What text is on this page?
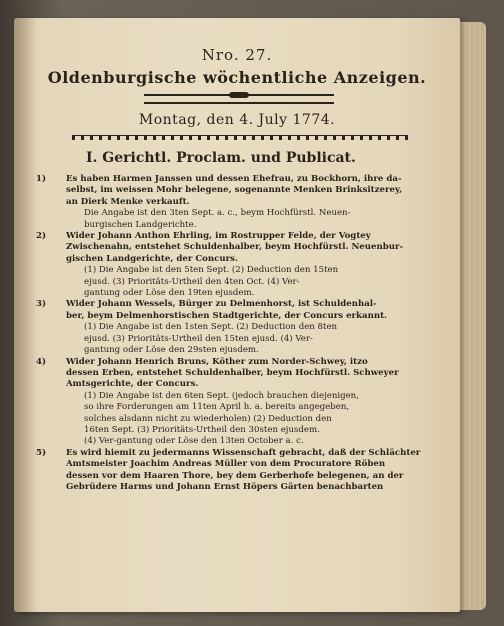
Nro. 27.
Oldenburgische wöchentliche Anzeigen.
Montag, den 4. July 1774.
I. Gerichtl. Proclam. und Publicat.
1) Es haben Harmen Janssen und dessen Ehefrau, zu Bockhorn, ihre da-
selbst, im weissen Mohr belegene, sogenannte Menken Brinksitzerey,
an Dierk Menke verkauft.
Die Angabe ist den 3ten Sept. a. c., beym Hochfürstl. Neuen-
burgischen Landgerichte.
2) Wider Johann Anthon Ehrling, im Rostrupper Felde, der Vogtey
Zwischenahn, entstehet Schuldenhalber, beym Hochfürstl. Neuenbur-
gischen Landgerichte, der Concurs.
(1) Die Angabe ist den 5ten Sept. (2) Deduction den 15ten
ejusd. (3) Prioritäts-Urtheil den 4ten Oct. (4) Ver-
gantung oder Löse den 19ten ejusdem.
3) Wider Johann Wessels, Bürger zu Delmenhorst, ist Schuldenhal-
ber, beym Delmenhorstischen Stadtgerichte, der Concurs erkannt.
(1) Die Angabe ist den 1sten Sept. (2) Deduction den 8ten
ejusd. (3) Prioritäts-Urtheil den 15ten ejusd. (4) Ver-
gantung oder Löse den 29sten ejusdem.
4) Wider Johann Henrich Bruns, Köther zum Norder-Schwey, itzo
dessen Erben, entstehet Schuldenhalber, beym Hochfürstl. Schweyer
Amtsgerichte, der Concurs.
(1) Die Angabe ist den 6ten Sept. (jedoch brauchen diejenigen,
so ihre Forderungen am 11ten April h. a. bereits angegeben,
solches alsdann nicht zu wiederholen) (2) Deduction den
16ten Sept. (3) Prioritäts-Urtheil den 30sten ejusdem.
(4) Ver-gantung oder Löse den 13ten October a. c.
5) Es wird hiemit zu jedermanns Wissenschaft gebracht, daß der Schlächter
Amtsmeister Joachim Andreas Müller von dem Procuratore Röben
dessen vor dem Haaren Thore, bey dem Gerberhofe belegenen, an der
Gebrüdere Harms und Johann Ernst Höpers Gärten benachbarten
